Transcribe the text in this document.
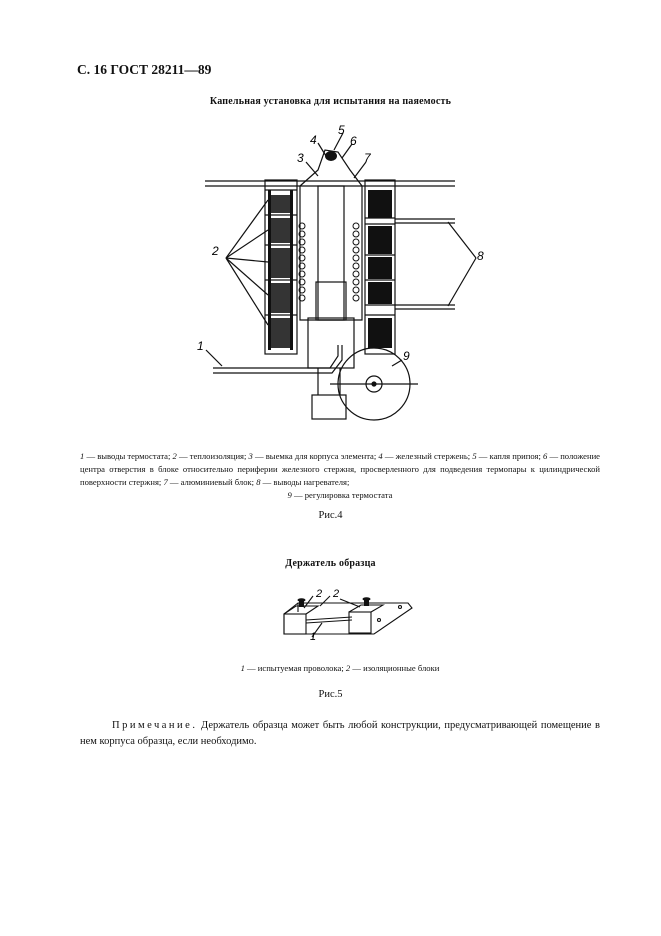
С. 16 ГОСТ 28211—89
Капельная установка для испытания на паяемость
1
2
3
4
5
6
7
8
9
1 — выводы термостата; 2 — теплоизоляция; 3 — выемка для корпуса элемента; 4 — железный стержень; 5 — капля припоя; 6 — положение центра отверстия в блоке относительно периферии железного стержня, просверленного для подведения термопары к цилиндрической поверхности стержня; 7 — алюминиевый блок; 8 — выводы нагревателя;
9 — регулировка термостата
Рис.4
Держатель образца
2 2
1
1 — испытуемая проволока; 2 — изоляционные блоки
Рис.5
Примечание. Держатель образца может быть любой конструкции, предусматривающей помещение в нем корпуса образца, если необходимо.
